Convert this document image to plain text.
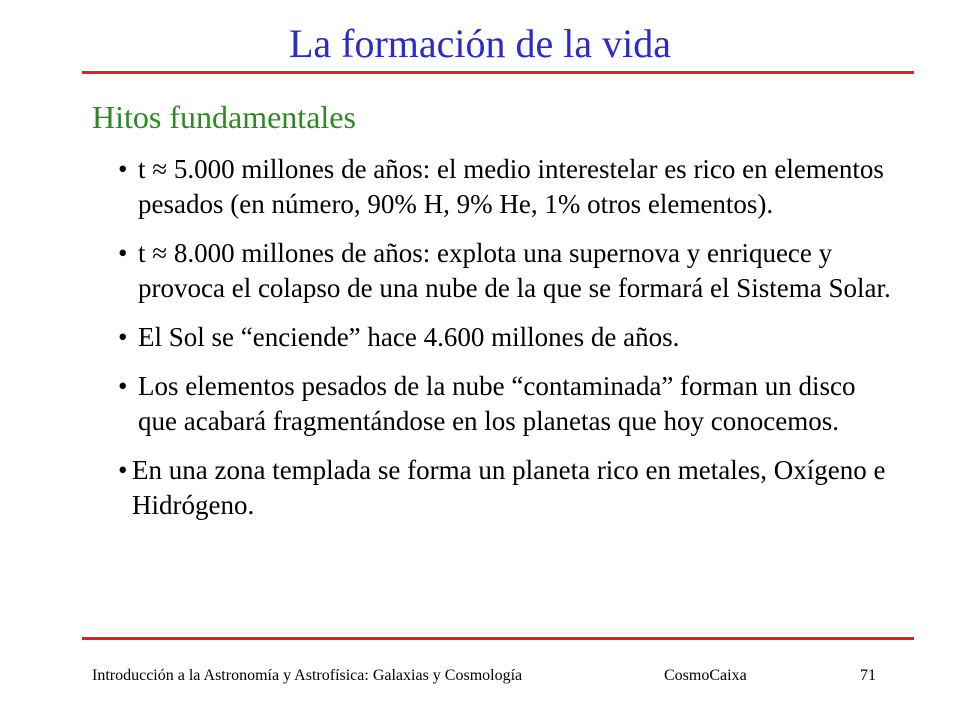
La formación de la vida
Hitos fundamentales
• t ≈ 5.000 millones de años: el medio interestelar es rico en elementos pesados (en número, 90% H, 9% He, 1% otros elementos).
• t ≈ 8.000 millones de años: explota una supernova y enriquece y provoca el colapso de una nube de la que se formará el Sistema Solar.
• El Sol se “enciende” hace 4.600 millones de años.
• Los elementos pesados de la nube “contaminada” forman un disco que acabará fragmentándose en los planetas que hoy conocemos.
• En una zona templada se forma un planeta rico en metales, Oxígeno e Hidrógeno.
Introducción a la Astronomía y Astrofísica: Galaxias y Cosmología	CosmoCaixa	71
